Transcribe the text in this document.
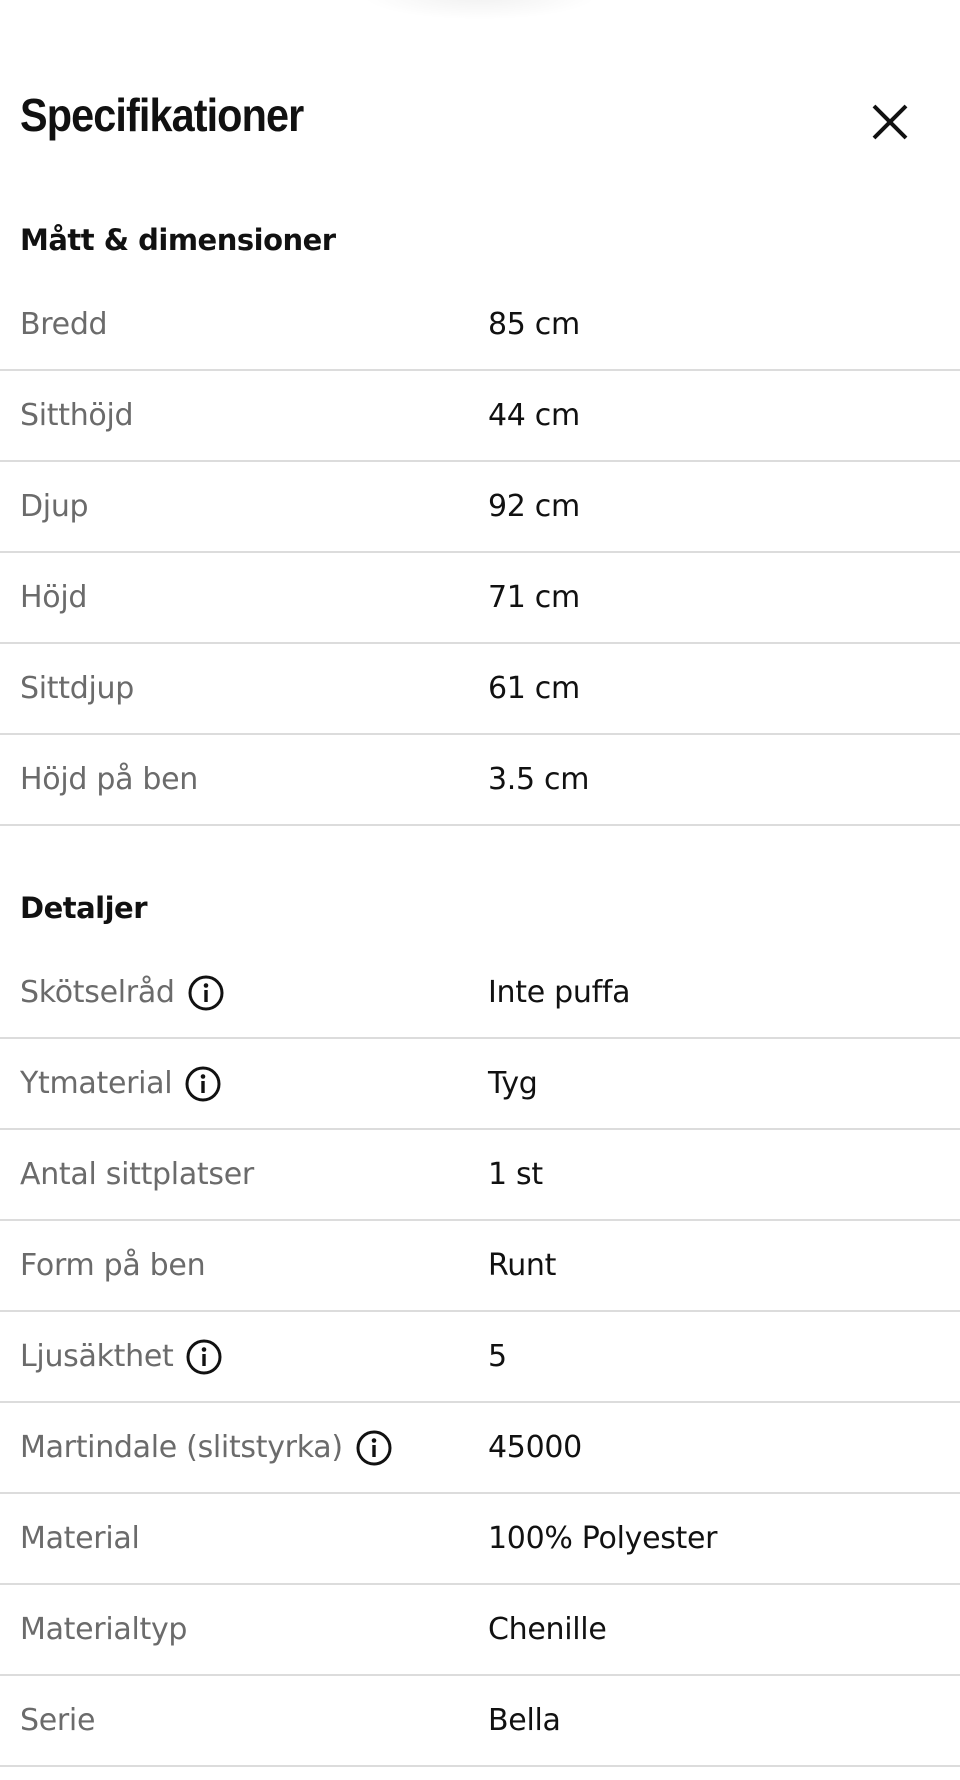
Specifikationer
Mått & dimensioner
Bredd	85 cm
Sitthöjd	44 cm
Djup	92 cm
Höjd	71 cm
Sittdjup	61 cm
Höjd på ben	3.5 cm
Detaljer
Skötselråd	Inte puffa
Ytmaterial	Tyg
Antal sittplatser	1 st
Form på ben	Runt
Ljusäkthet	5
Martindale (slitstyrka)	45000
Material	100% Polyester
Materialtyp	Chenille
Serie	Bella
